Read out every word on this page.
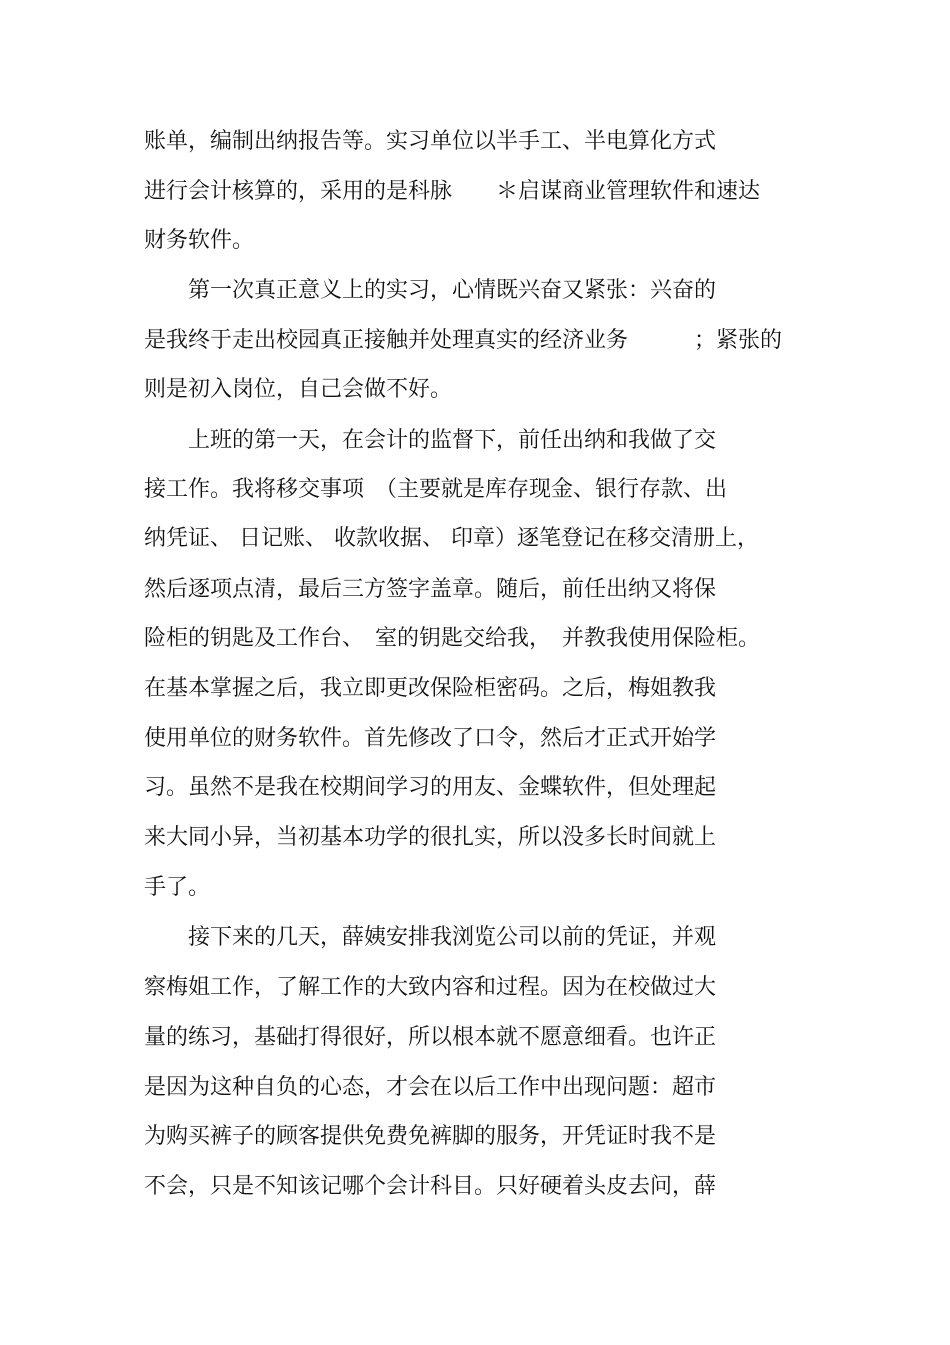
账单，编制出纳报告等。实习单位以半手工、半电算化方式
进行会计核算的，采用的是科脉　　＊启谋商业管理软件和速达
财务软件。
　　第一次真正意义上的实习，心情既兴奋又紧张：兴奋的
是我终于走出校园真正接触并处理真实的经济业务　　　；紧张的
则是初入岗位，自己会做不好。
　　上班的第一天，在会计的监督下，前任出纳和我做了交
接工作。我将移交事项　（主要就是库存现金、银行存款、出
纳凭证、 日记账、 收款收据、 印章）逐笔登记在移交清册上，
然后逐项点清，最后三方签字盖章。随后，前任出纳又将保
险柜的钥匙及工作台、　室的钥匙交给我，　并教我使用保险柜。
在基本掌握之后，我立即更改保险柜密码。之后，梅姐教我
使用单位的财务软件。首先修改了口令，然后才正式开始学
习。虽然不是我在校期间学习的用友、金蝶软件，但处理起
来大同小异，当初基本功学的很扎实，所以没多长时间就上
手了。
　　接下来的几天，薛姨安排我浏览公司以前的凭证，并观
察梅姐工作，了解工作的大致内容和过程。因为在校做过大
量的练习，基础打得很好，所以根本就不愿意细看。也许正
是因为这种自负的心态，才会在以后工作中出现问题：超市
为购买裤子的顾客提供免费免裤脚的服务，开凭证时我不是
不会，只是不知该记哪个会计科目。只好硬着头皮去问，薛
